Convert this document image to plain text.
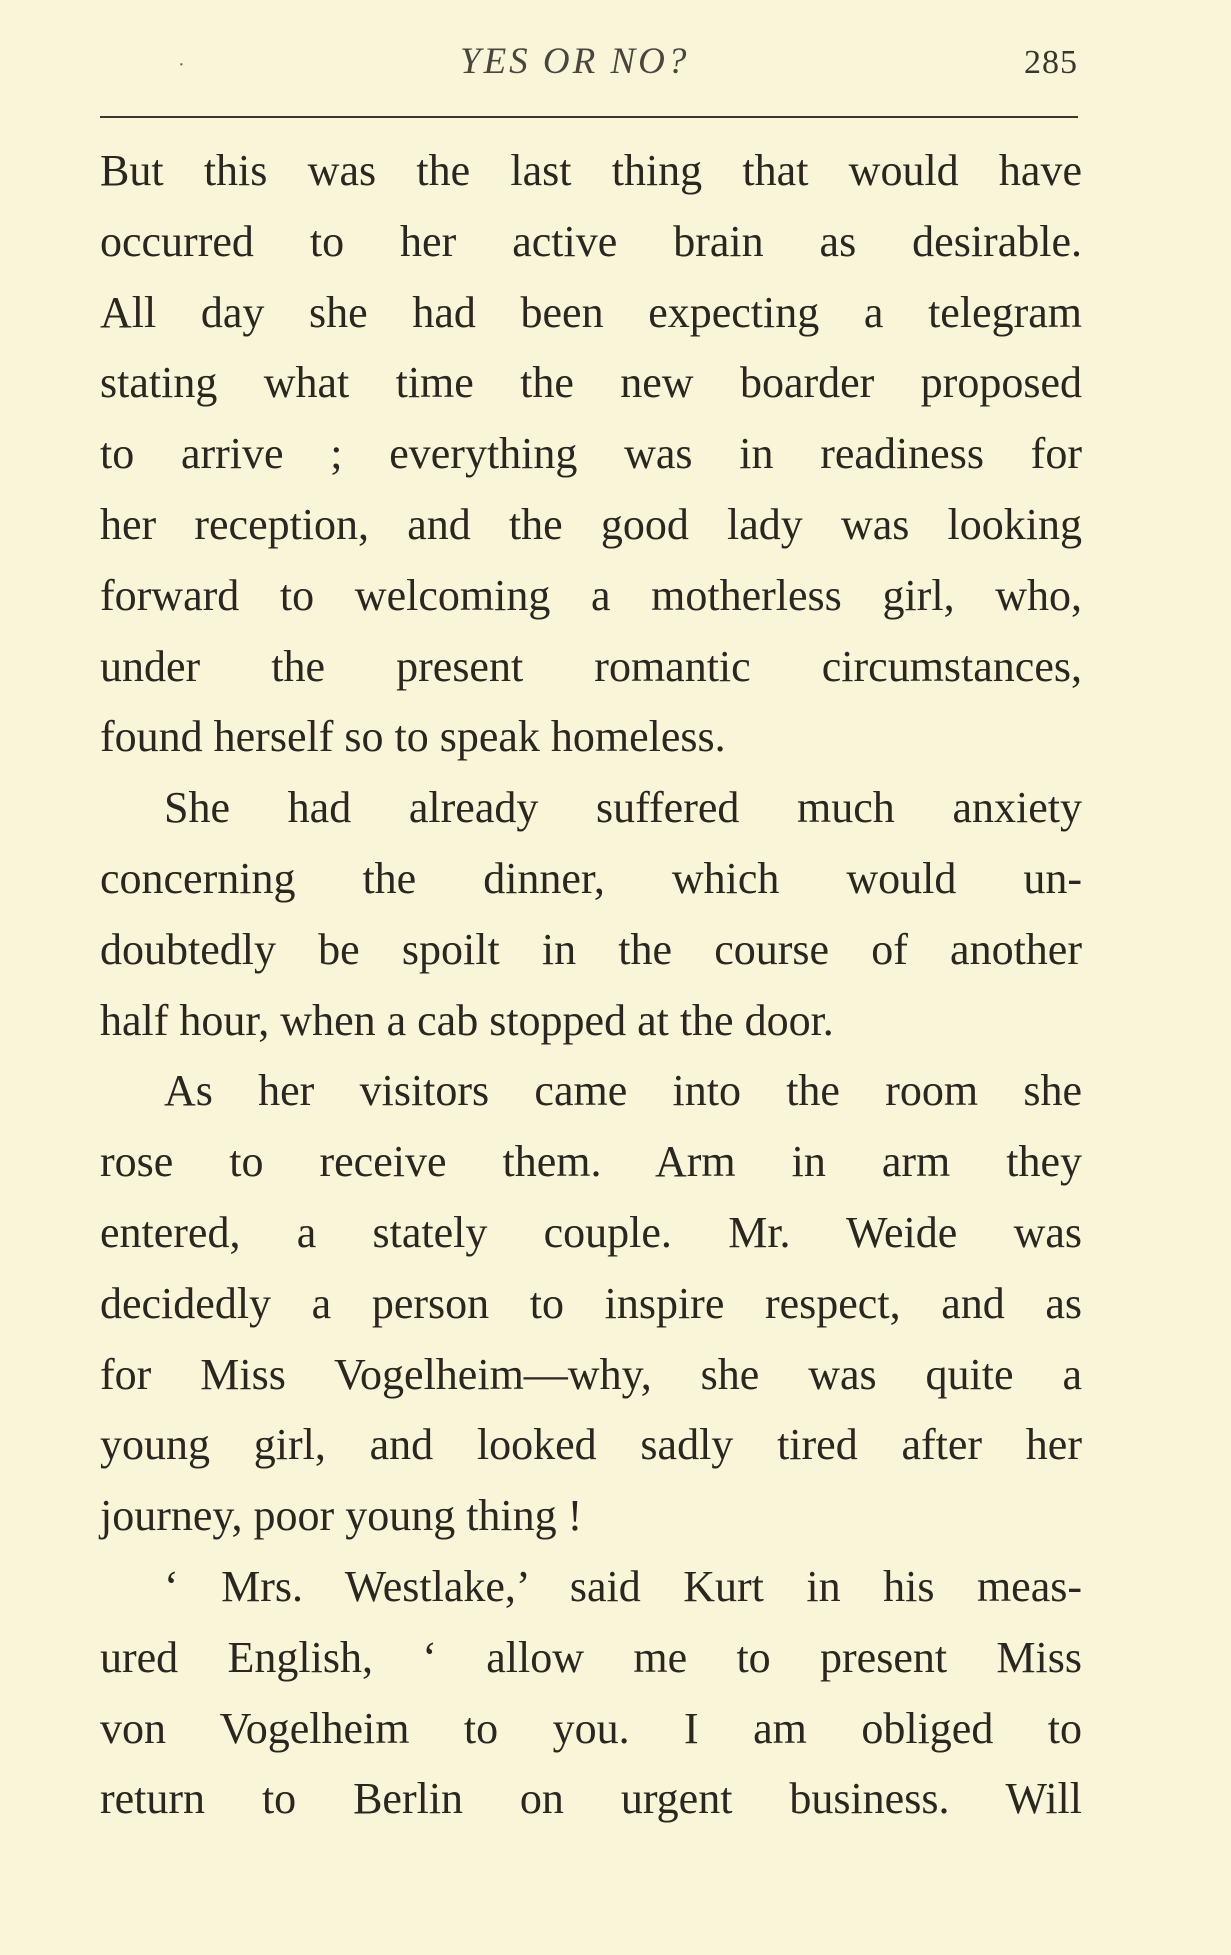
·	YES OR NO?	285
But this was the last thing that would have
occurred to her active brain as desirable.
All day she had been expecting a telegram
stating what time the new boarder proposed
to arrive ; everything was in readiness for
her reception, and the good lady was looking
forward to welcoming a motherless girl, who,
under the present romantic circumstances,
found herself so to speak homeless.
She had already suffered much anxiety
concerning the dinner, which would un-
doubtedly be spoilt in the course of another
half hour, when a cab stopped at the door.
As her visitors came into the room she
rose to receive them. Arm in arm they
entered, a stately couple. Mr. Weide was
decidedly a person to inspire respect, and as
for Miss Vogelheim—why, she was quite a
young girl, and looked sadly tired after her
journey, poor young thing !
‘ Mrs. Westlake,’ said Kurt in his meas-
ured English, ‘ allow me to present Miss
von Vogelheim to you. I am obliged to
return to Berlin on urgent business. Will
